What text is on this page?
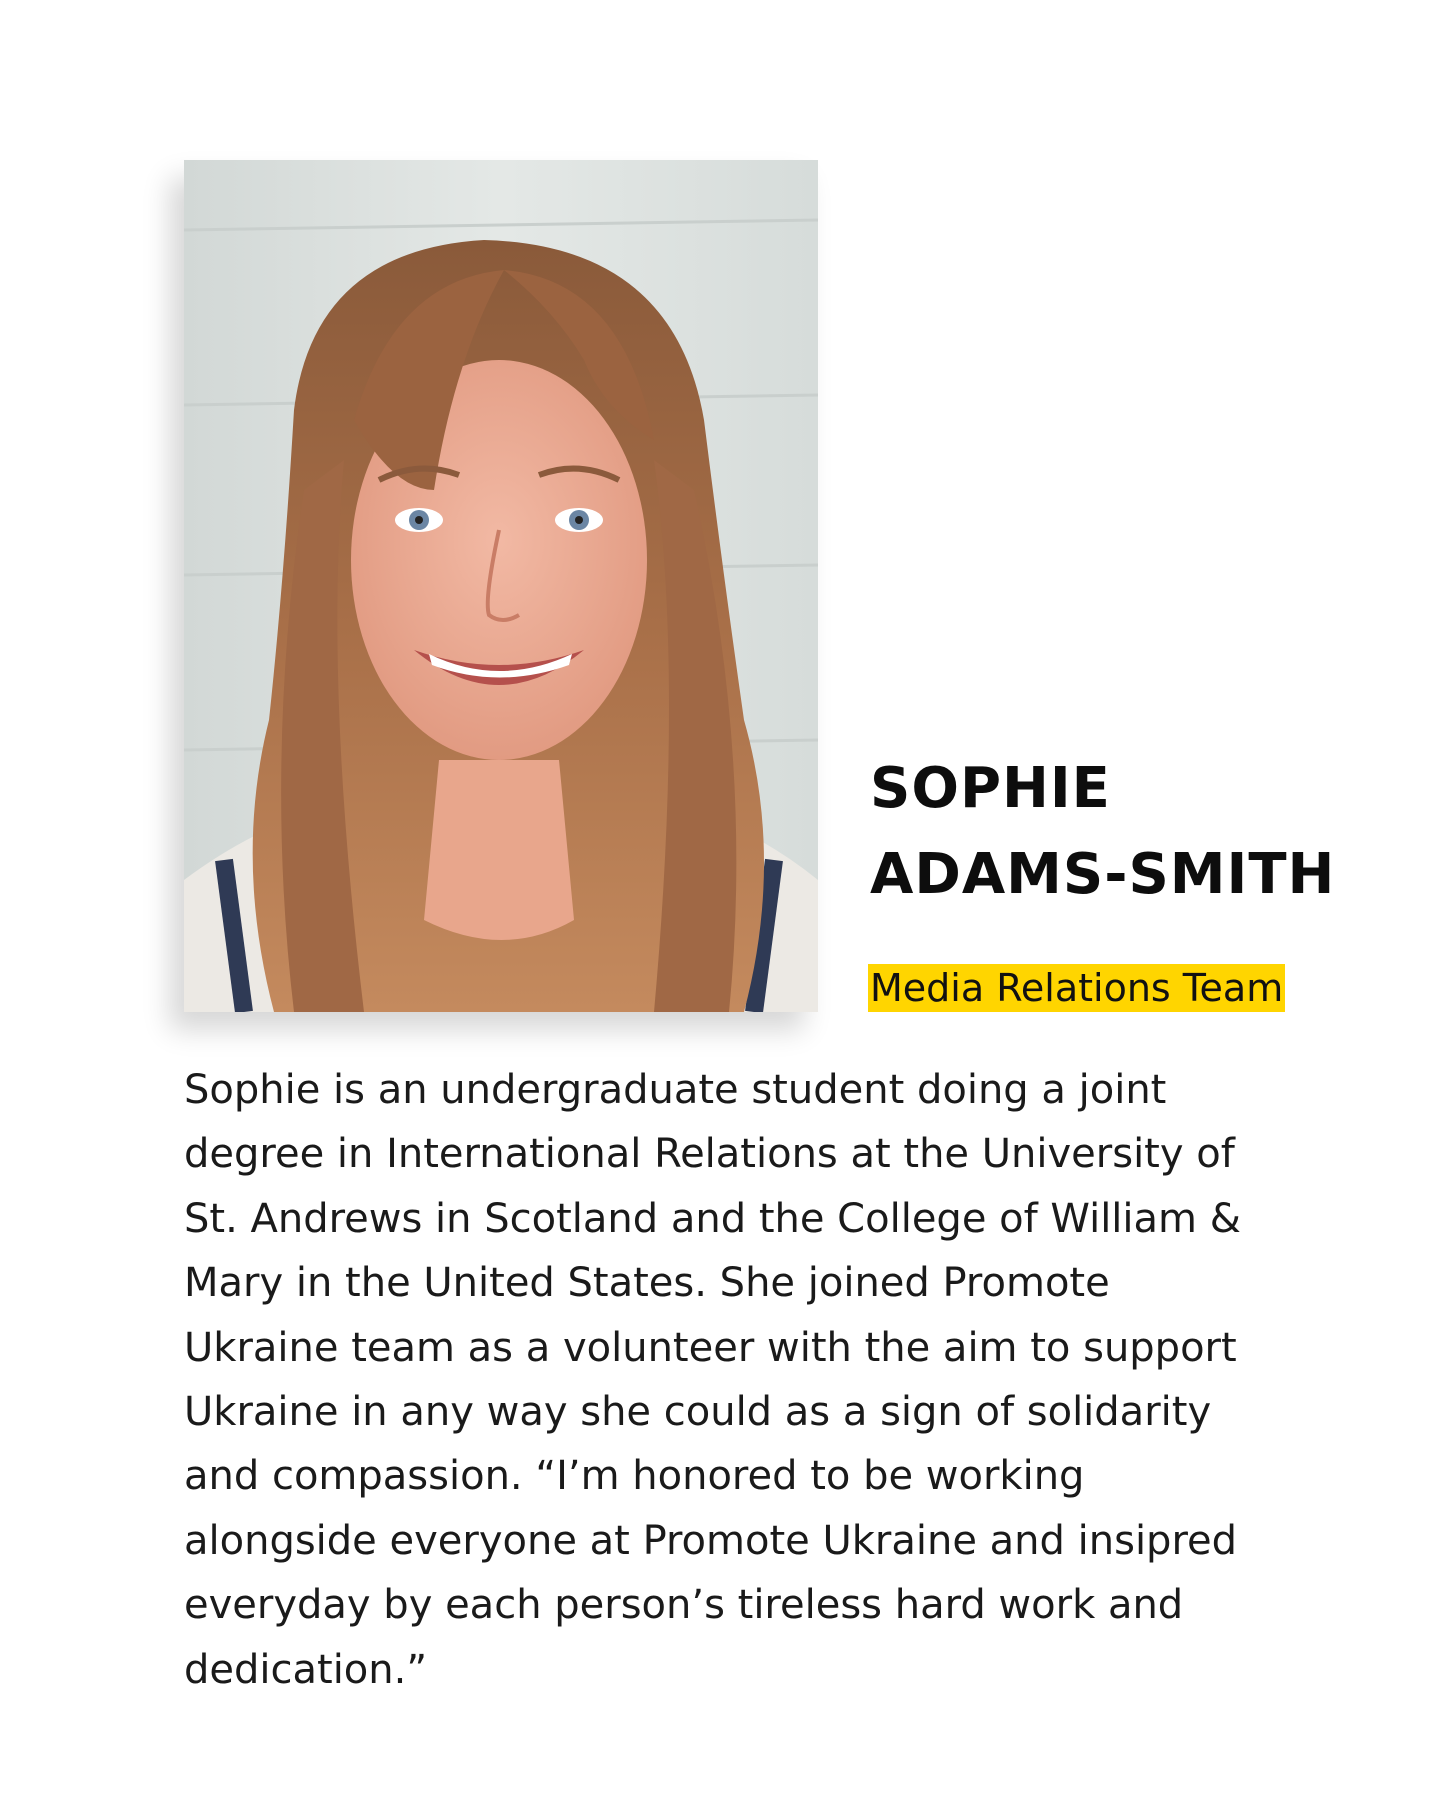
SOPHIE
ADAMS-SMITH
Media Relations Team

Sophie is an undergraduate student doing a joint
degree in International Relations at the University of
St. Andrews in Scotland and the College of William &
Mary in the United States. She joined Promote
Ukraine team as a volunteer with the aim to support
Ukraine in any way she could as a sign of solidarity
and compassion. “I’m honored to be working
alongside everyone at Promote Ukraine and insipred
everyday by each person’s tireless hard work and
dedication.”
